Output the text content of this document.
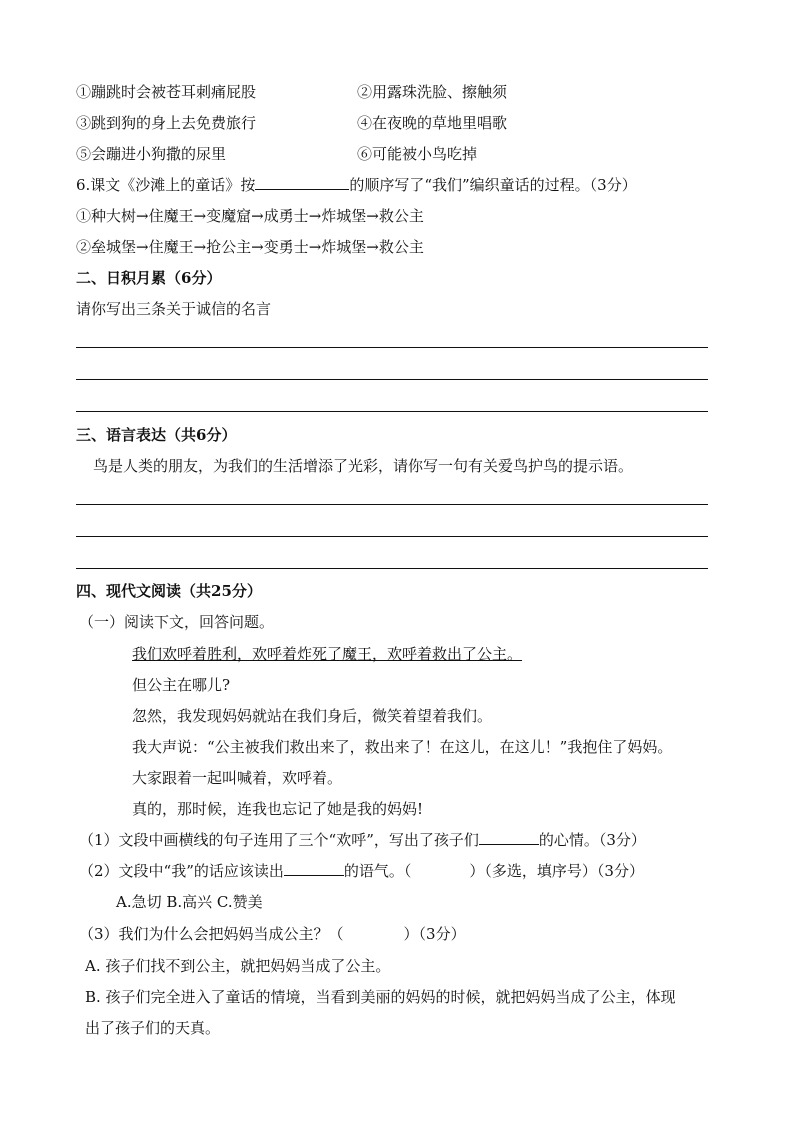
①蹦跳时会被苍耳刺痛屁股	②用露珠洗脸、擦触须
③跳到狗的身上去免费旅行	④在夜晚的草地里唱歌
⑤会蹦进小狗撒的尿里	⑥可能被小鸟吃掉
6.课文《沙滩上的童话》按	的顺序写了“我们”编织童话的过程。（3分）
①种大树→住魔王→变魔窟→成勇士→炸城堡→救公主
②垒城堡→住魔王→抢公主→变勇士→炸城堡→救公主
二、日积月累（6分）
请你写出三条关于诚信的名言
三、语言表达（共6分）
鸟是人类的朋友，为我们的生活增添了光彩，请你写一句有关爱鸟护鸟的提示语。
四、现代文阅读（共25分）
（一）阅读下文，回答问题。
我们欢呼着胜利，欢呼着炸死了魔王，欢呼着救出了公主。
但公主在哪儿?
忽然，我发现妈妈就站在我们身后，微笑着望着我们。
我大声说：“公主被我们救出来了，救出来了！在这儿，在这儿！”我抱住了妈妈。
大家跟着一起叫喊着，欢呼着。
真的，那时候，连我也忘记了她是我的妈妈!
（1）文段中画横线的句子连用了三个“欢呼”，写出了孩子们	的心情。（3分）
（2）文段中“我”的话应该读出	的语气。（	）（多选，填序号）（3分）
A.急切 B.高兴 C.赞美
（3）我们为什么会把妈妈当成公主？（	）（3分）
A. 孩子们找不到公主，就把妈妈当成了公主。
B. 孩子们完全进入了童话的情境，当看到美丽的妈妈的时候，就把妈妈当成了公主，体现
出了孩子们的天真。
